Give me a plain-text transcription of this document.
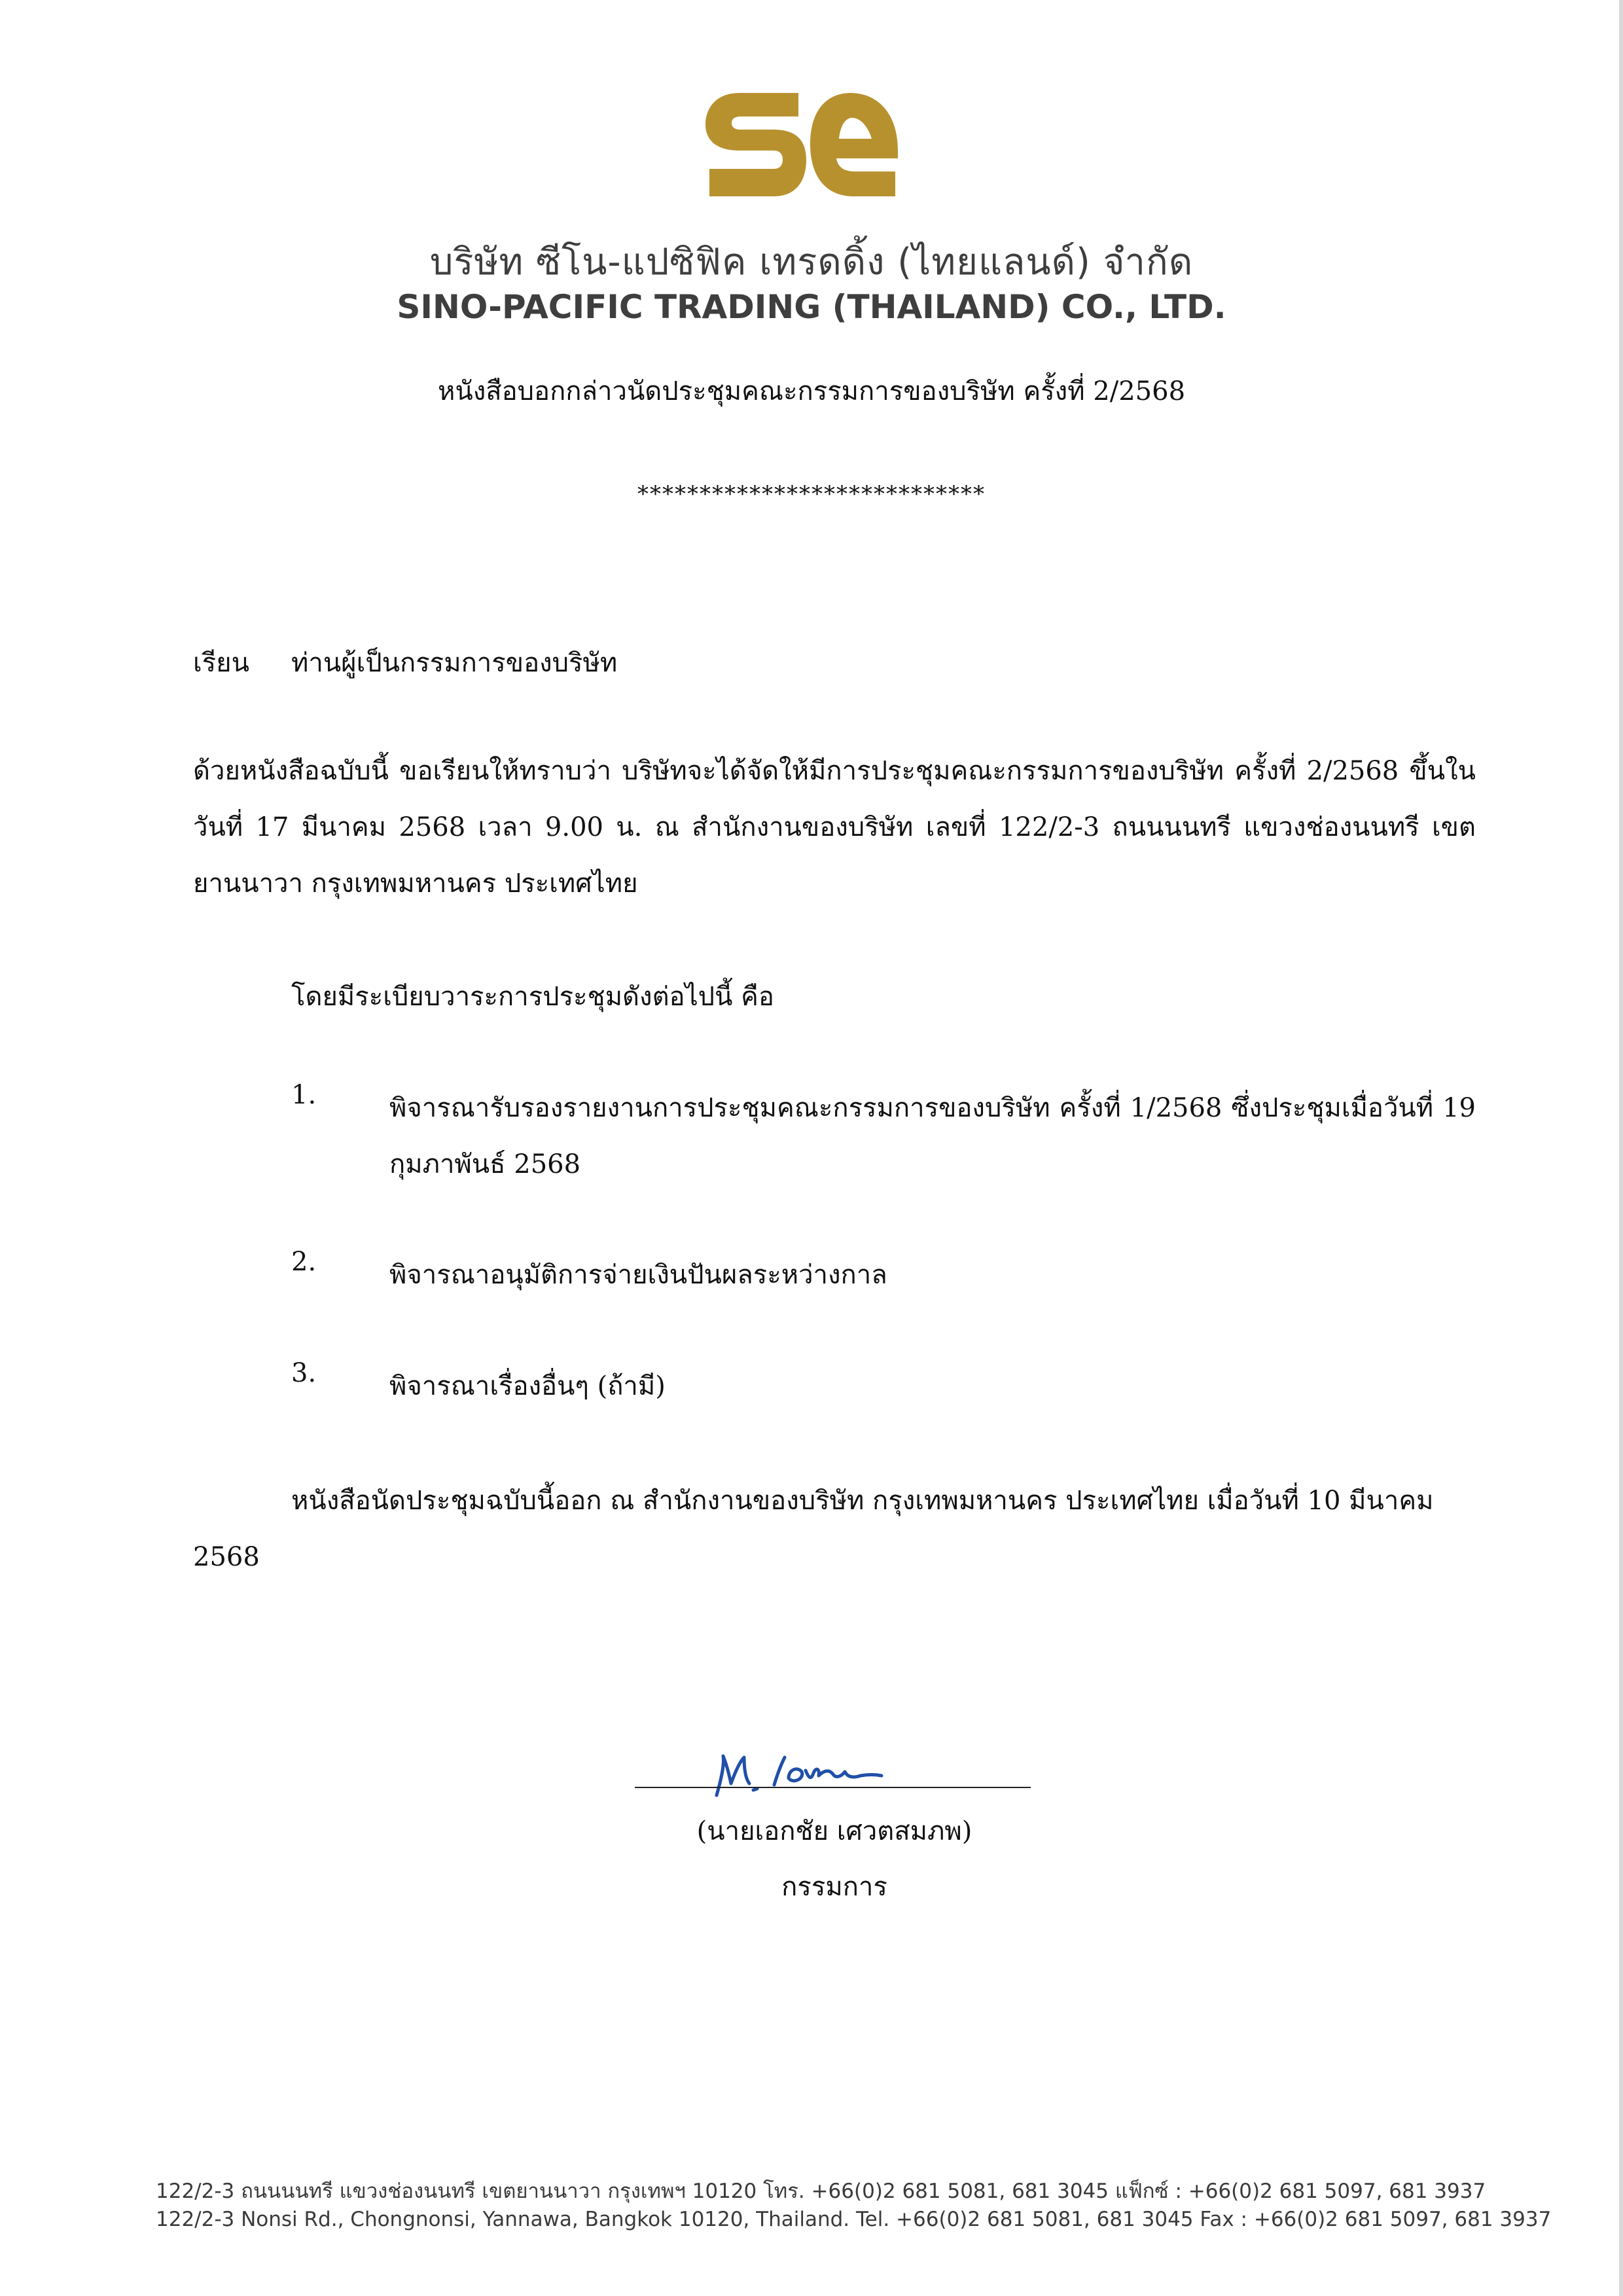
บริษัท ซีโน-แปซิฟิค เทรดดิ้ง (ไทยแลนด์) จำกัด
SINO-PACIFIC TRADING (THAILAND) CO., LTD.
หนังสือบอกกล่าวนัดประชุมคณะกรรมการของบริษัท ครั้งที่ 2/2568
****************************
เรียน ท่านผู้เป็นกรรมการของบริษัท
ด้วยหนังสือฉบับนี้ ขอเรียนให้ทราบว่า บริษัทจะได้จัดให้มีการประชุมคณะกรรมการของบริษัท ครั้งที่ 2/2568 ขึ้นในวันที่ 17 มีนาคม 2568 เวลา 9.00 น. ณ สำนักงานของบริษัท เลขที่ 122/2-3 ถนนนนทรี แขวงช่องนนทรี เขตยานนาวา กรุงเทพมหานคร ประเทศไทย
โดยมีระเบียบวาระการประชุมดังต่อไปนี้ คือ
1.	พิจารณารับรองรายงานการประชุมคณะกรรมการของบริษัท ครั้งที่ 1/2568 ซึ่งประชุมเมื่อวันที่ 19 กุมภาพันธ์ 2568
2.	พิจารณาอนุมัติการจ่ายเงินปันผลระหว่างกาล
3.	พิจารณาเรื่องอื่นๆ (ถ้ามี)
หนังสือนัดประชุมฉบับนี้ออก ณ สำนักงานของบริษัท กรุงเทพมหานคร ประเทศไทย เมื่อวันที่ 10 มีนาคม 2568
(นายเอกชัย เศวตสมภพ)
กรรมการ
122/2-3 ถนนนนทรี แขวงช่องนนทรี เขตยานนาวา กรุงเทพฯ 10120 โทร. +66(0)2 681 5081, 681 3045 แฟ็กซ์ : +66(0)2 681 5097, 681 3937
122/2-3 Nonsi Rd., Chongnonsi, Yannawa, Bangkok 10120, Thailand. Tel. +66(0)2 681 5081, 681 3045 Fax : +66(0)2 681 5097, 681 3937
